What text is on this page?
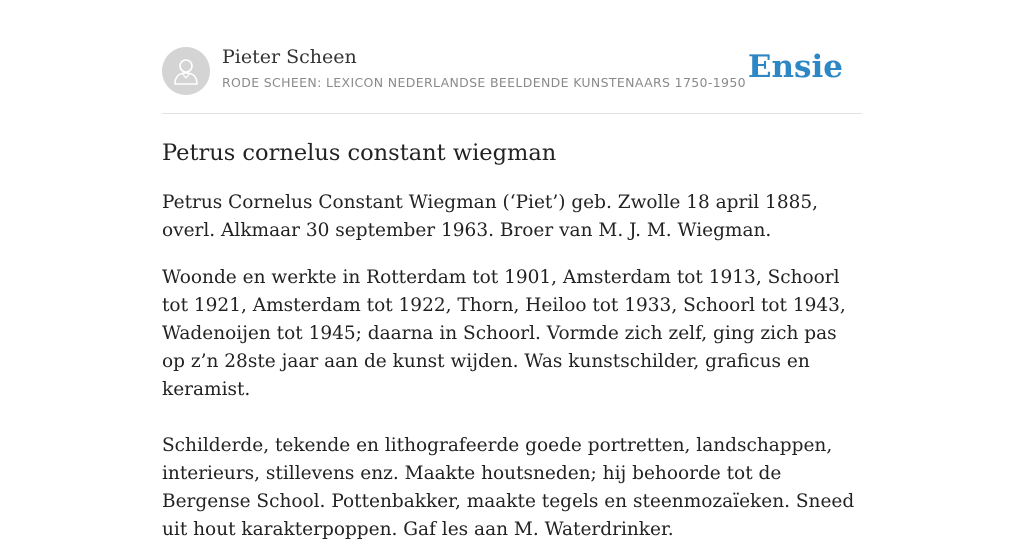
Pieter Scheen
RODE SCHEEN: LEXICON NEDERLANDSE BEELDENDE KUNSTENAARS 1750-1950 Ensie
Petrus cornelus constant wiegman

Petrus Cornelus Constant Wiegman (‘Piet’) geb. Zwolle 18 april 1885, overl. Alkmaar 30 september 1963. Broer van M. J. M. Wiegman.

Woonde en werkte in Rotterdam tot 1901, Amsterdam tot 1913, Schoorl tot 1921, Amsterdam tot 1922, Thorn, Heiloo tot 1933, Schoorl tot 1943, Wadenoijen tot 1945; daarna in Schoorl. Vormde zich zelf, ging zich pas op z’n 28ste jaar aan de kunst wijden. Was kunstschilder, graficus en keramist.

Schilderde, tekende en lithografeerde goede portretten, landschappen, interieurs, stillevens enz. Maakte houtsneden; hij behoorde tot de Bergense School. Pottenbakker, maakte tegels en steenmozaïeken. Sneed uit hout karakterpoppen. Gaf les aan M. Waterdrinker.
